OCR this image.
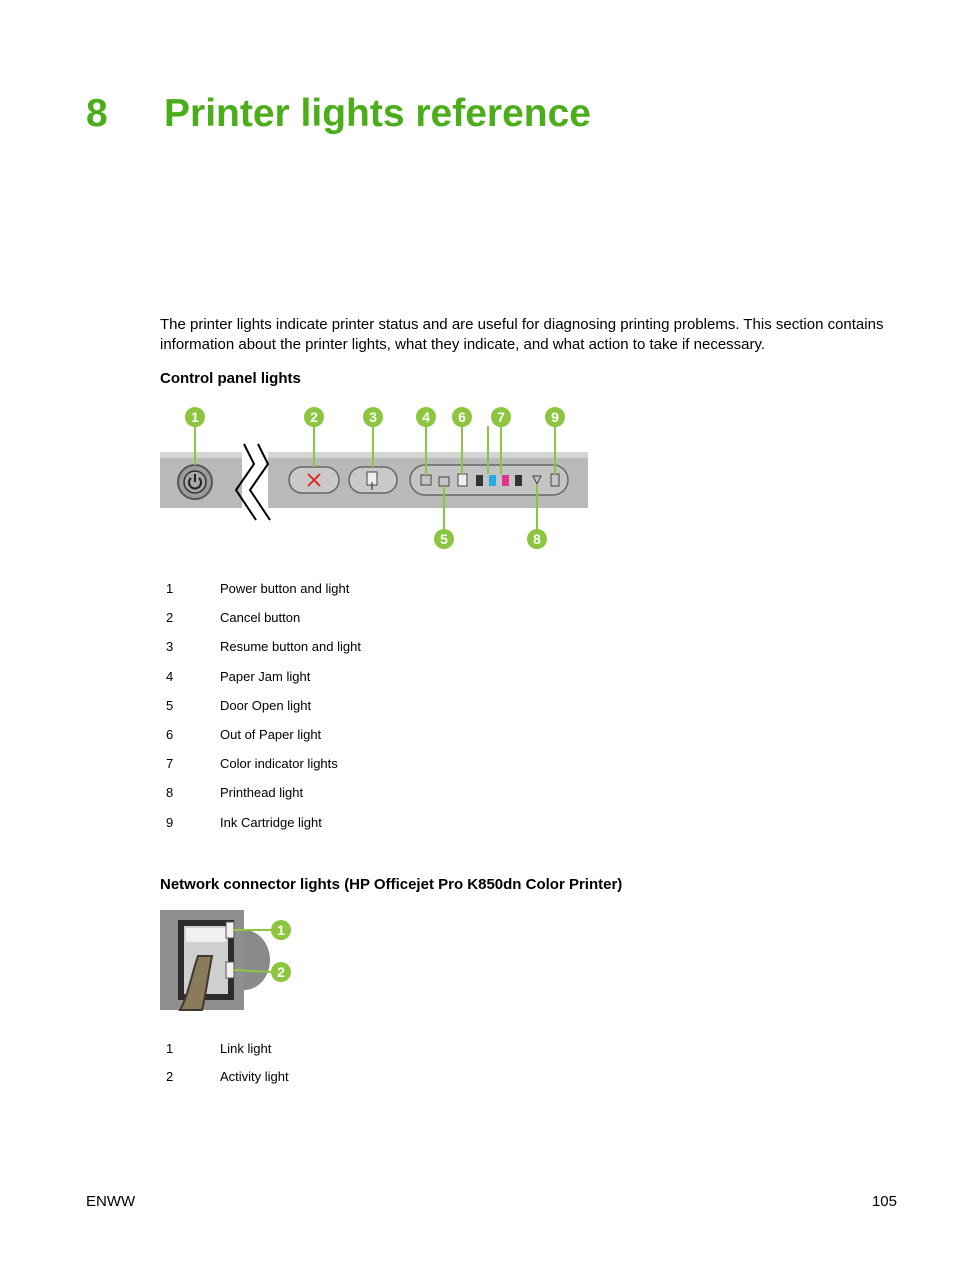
8 Printer lights reference

The printer lights indicate printer status and are useful for diagnosing printing problems. This section contains information about the printer lights, what they indicate, and what action to take if necessary.

Control panel lights
1	2	3	4
5
6 7
8
9
1	Power button and light
2	Cancel button
3	Resume button and light
4	Paper Jam light
5	Door Open light
6	Out of Paper light
7	Color indicator lights
8	Printhead light
9	Ink Cartridge light
Network connector lights (HP Officejet Pro K850dn Color Printer)
1
2
1	Link light
2	Activity light
ENWW	105
